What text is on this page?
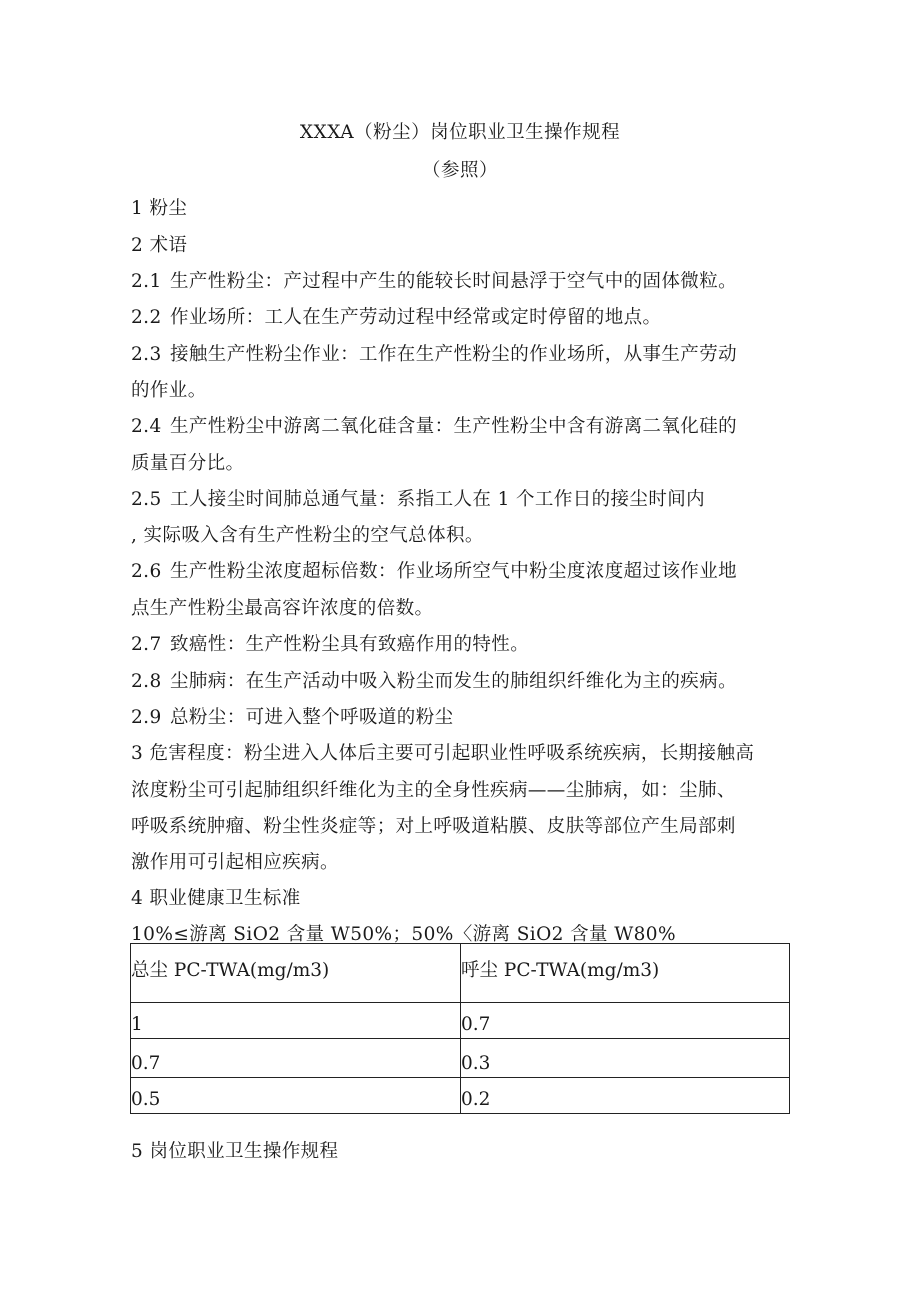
XXXA（粉尘）岗位职业卫生操作规程
（参照）
1 粉尘
2 术语
2.1 生产性粉尘：产过程中产生的能较长时间悬浮于空气中的固体微粒。
2.2 作业场所：工人在生产劳动过程中经常或定时停留的地点。
2.3 接触生产性粉尘作业：工作在生产性粉尘的作业场所，从事生产劳动
的作业。
2.4 生产性粉尘中游离二氧化硅含量：生产性粉尘中含有游离二氧化硅的
质量百分比。
2.5 工人接尘时间肺总通气量：系指工人在 1 个工作日的接尘时间内
, 实际吸入含有生产性粉尘的空气总体积。
2.6 生产性粉尘浓度超标倍数：作业场所空气中粉尘度浓度超过该作业地
点生产性粉尘最高容许浓度的倍数。
2.7 致癌性：生产性粉尘具有致癌作用的特性。
2.8 尘肺病：在生产活动中吸入粉尘而发生的肺组织纤维化为主的疾病。
2.9 总粉尘：可进入整个呼吸道的粉尘
3 危害程度：粉尘进入人体后主要可引起职业性呼吸系统疾病，长期接触高
浓度粉尘可引起肺组织纤维化为主的全身性疾病——尘肺病，如：尘肺、
呼吸系统肿瘤、粉尘性炎症等；对上呼吸道粘膜、皮肤等部位产生局部刺
激作用可引起相应疾病。
4 职业健康卫生标准
10%≤游离 SiO2 含量 W50%；50%〈游离 SiO2 含量 W80%
总尘 PC-TWA(mg∕m3)	呼尘 PC-TWA(mg∕m3)
1	0.7
0.7	0.3
0.5	0.2
5 岗位职业卫生操作规程
